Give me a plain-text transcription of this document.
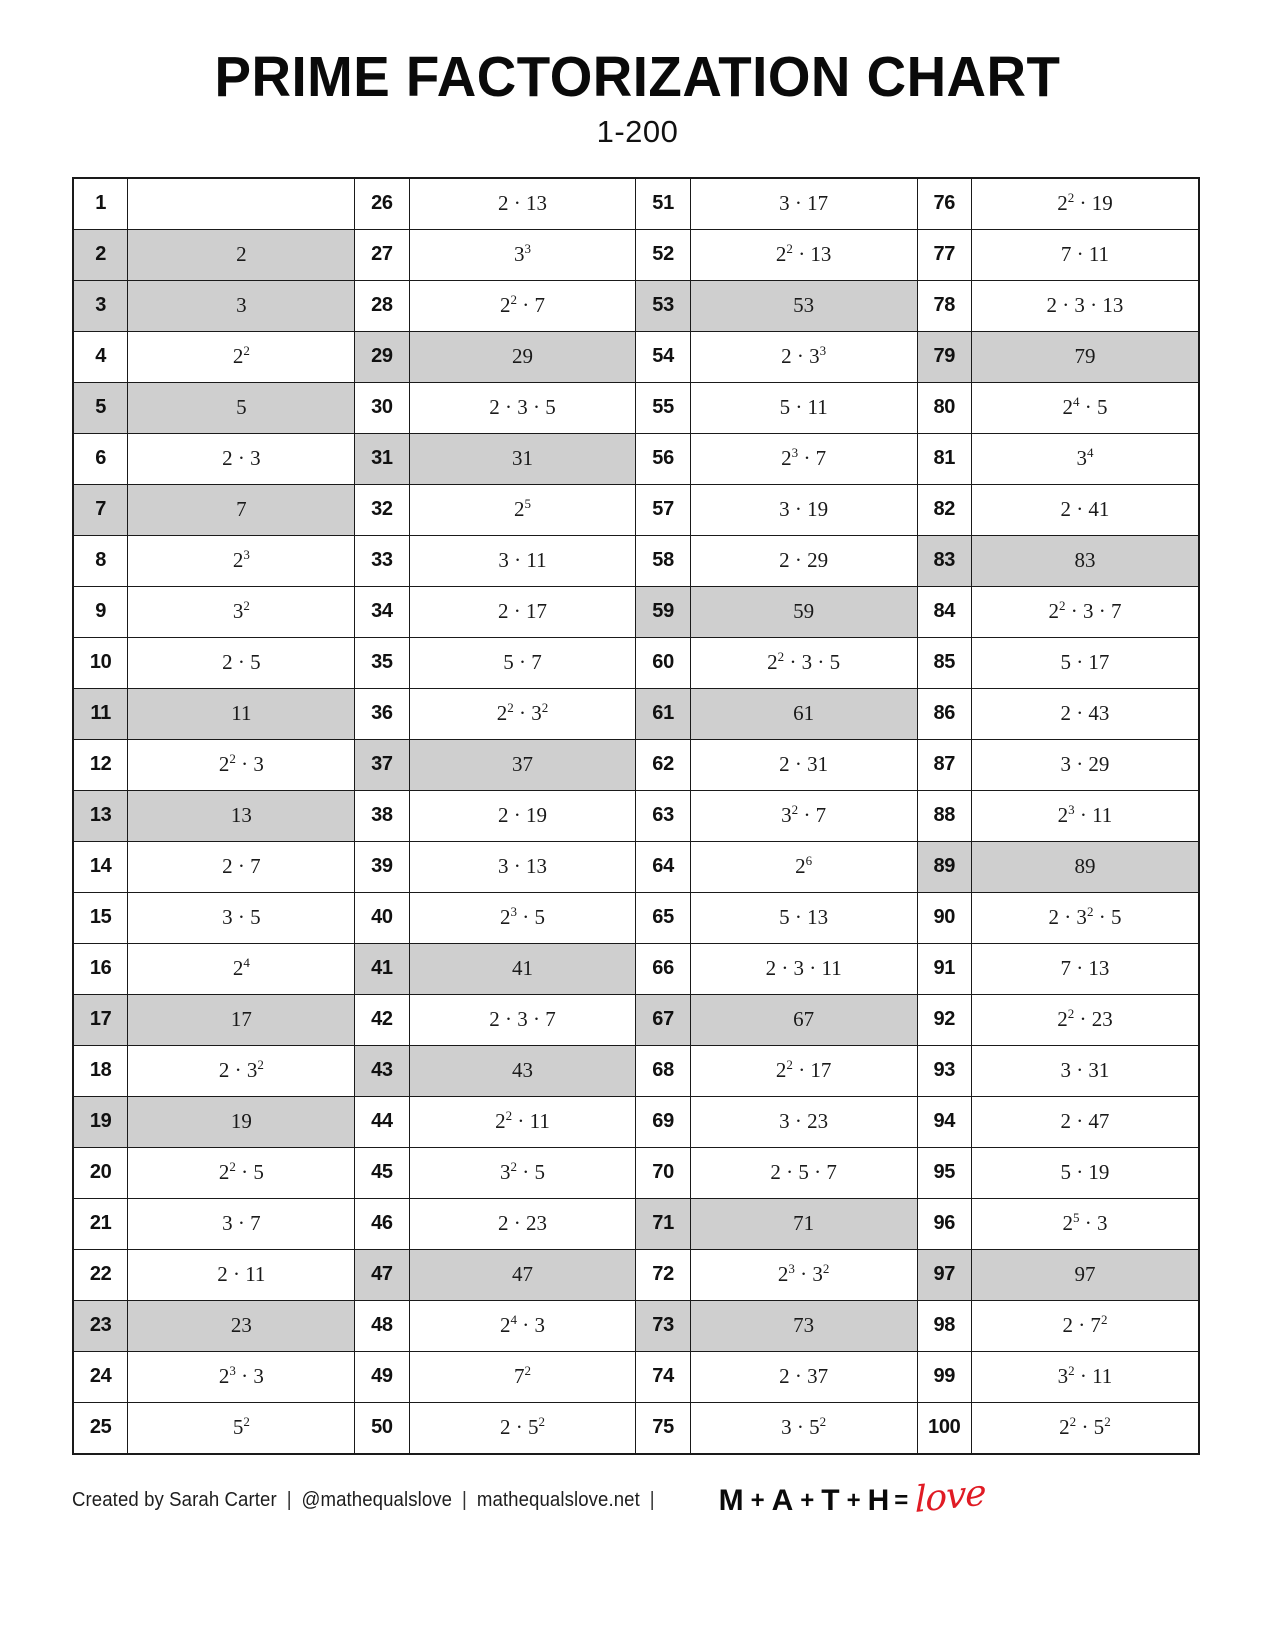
PRIME FACTORIZATION CHART
1-200
1		26	2 · 13	51	3 · 17	76	$2^2 \cdot 19$
2	2	27	$3^3$	52	$2^2 \cdot 13$	77	7 · 11
3	3	28	$2^2 \cdot 7$	53	53	78	2 · 3 · 13
4	$2^2$	29	29	54	$2 \cdot 3^3$	79	79
5	5	30	2 · 3 · 5	55	5 · 11	80	$2^4 \cdot 5$
6	2 · 3	31	31	56	$2^3 \cdot 7$	81	$3^4$
7	7	32	$2^5$	57	3 · 19	82	2 · 41
8	$2^3$	33	3 · 11	58	2 · 29	83	83
9	$3^2$	34	2 · 17	59	59	84	$2^2 \cdot 3 \cdot 7$
10	2 · 5	35	5 · 7	60	$2^2 \cdot 3 \cdot 5$	85	5 · 17
11	11	36	$2^2 \cdot 3^2$	61	61	86	2 · 43
12	$2^2 \cdot 3$	37	37	62	2 · 31	87	3 · 29
13	13	38	2 · 19	63	$3^2 \cdot 7$	88	$2^3 \cdot 11$
14	2 · 7	39	3 · 13	64	$2^6$	89	89
15	3 · 5	40	$2^3 \cdot 5$	65	5 · 13	90	$2 \cdot 3^2 \cdot 5$
16	$2^4$	41	41	66	2 · 3 · 11	91	7 · 13
17	17	42	2 · 3 · 7	67	67	92	$2^2 \cdot 23$
18	$2 \cdot 3^2$	43	43	68	$2^2 \cdot 17$	93	3 · 31
19	19	44	$2^2 \cdot 11$	69	3 · 23	94	2 · 47
20	$2^2 \cdot 5$	45	$3^2 \cdot 5$	70	2 · 5 · 7	95	5 · 19
21	3 · 7	46	2 · 23	71	71	96	$2^5 \cdot 3$
22	2 · 11	47	47	72	$2^3 \cdot 3^2$	97	97
23	23	48	$2^4 \cdot 3$	73	73	98	$2 \cdot 7^2$
24	$2^3 \cdot 3$	49	$7^2$	74	2 · 37	99	$3^2 \cdot 11$
25	$5^2$	50	$2 \cdot 5^2$	75	$3 \cdot 5^2$	100	$2^2 \cdot 5^2$
Created by Sarah Carter | @mathequalslove | mathequalslove.net | M + A + T + H = love
